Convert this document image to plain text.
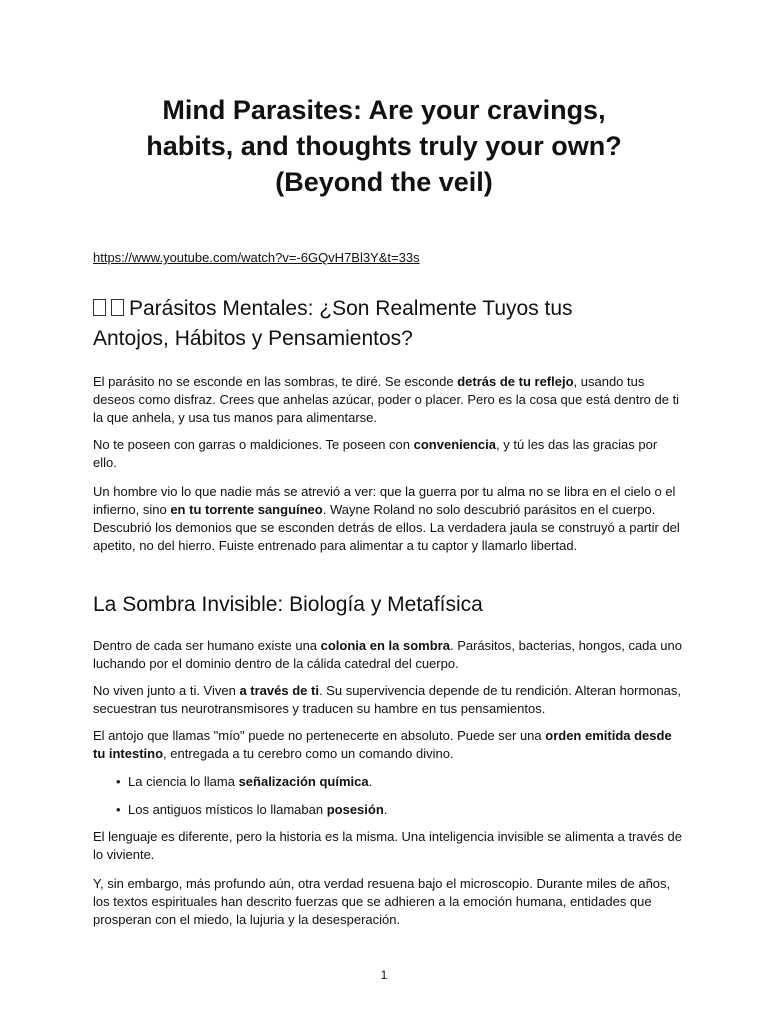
Mind Parasites: Are your cravings,
habits, and thoughts truly your own?
(Beyond the veil)
https://www.youtube.com/watch?v=-6GQvH7Bl3Y&t=33s
Parásitos Mentales: ¿Son Realmente Tuyos tus
Antojos, Hábitos y Pensamientos?

El parásito no se esconde en las sombras, te diré. Se esconde detrás de tu reflejo, usando tus deseos como disfraz. Crees que anhelas azúcar, poder o placer. Pero es la cosa que está dentro de ti la que anhela, y usa tus manos para alimentarse.

No te poseen con garras o maldiciones. Te poseen con conveniencia, y tú les das las gracias por ello.

Un hombre vio lo que nadie más se atrevió a ver: que la guerra por tu alma no se libra en el cielo o el infierno, sino en tu torrente sanguíneo. Wayne Roland no solo descubrió parásitos en el cuerpo. Descubrió los demonios que se esconden detrás de ellos. La verdadera jaula se construyó a partir del apetito, no del hierro. Fuiste entrenado para alimentar a tu captor y llamarlo libertad.

La Sombra Invisible: Biología y Metafísica

Dentro de cada ser humano existe una colonia en la sombra. Parásitos, bacterias, hongos, cada uno luchando por el dominio dentro de la cálida catedral del cuerpo.

No viven junto a ti. Viven a través de ti. Su supervivencia depende de tu rendición. Alteran hormonas, secuestran tus neurotransmisores y traducen su hambre en tus pensamientos.

El antojo que llamas "mío" puede no pertenecerte en absoluto. Puede ser una orden emitida desde tu intestino, entregada a tu cerebro como un comando divino.

• La ciencia lo llama señalización química.

• Los antiguos místicos lo llamaban posesión.

El lenguaje es diferente, pero la historia es la misma. Una inteligencia invisible se alimenta a través de lo viviente.

Y, sin embargo, más profundo aún, otra verdad resuena bajo el microscopio. Durante miles de años, los textos espirituales han descrito fuerzas que se adhieren a la emoción humana, entidades que prosperan con el miedo, la lujuria y la desesperación.

1
